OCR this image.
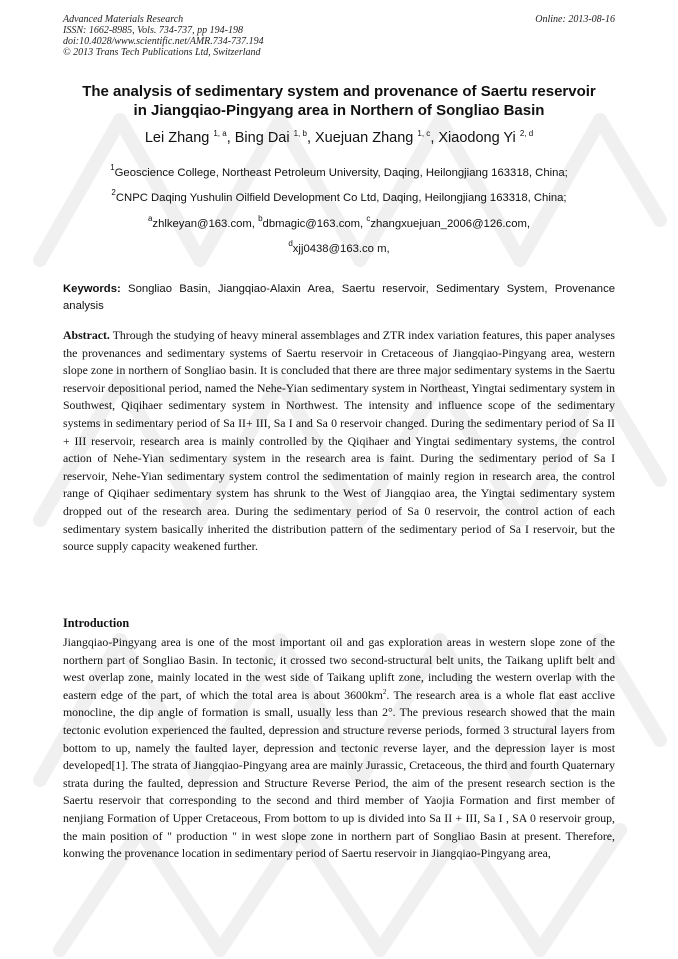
Advanced Materials Research
ISSN: 1662-8985, Vols. 734-737, pp 194-198
doi:10.4028/www.scientific.net/AMR.734-737.194
© 2013 Trans Tech Publications Ltd, Switzerland
Online: 2013-08-16
The analysis of sedimentary system and provenance of Saertu reservoir
in Jiangqiao-Pingyang area in Northern of Songliao Basin
Lei Zhang $^{1, a}$, Bing Dai $^{1, b}$, Xuejuan Zhang $^{1, c}$, Xiaodong Yi $^{2, d}$
$^1$Geoscience College, Northeast Petroleum University, Daqing, Heilongjiang 163318, China;
$^2$CNPC Daqing Yushulin Oilfield Development Co Ltd, Daqing, Heilongjiang 163318, China;
$^a$zhlkeyan@163.com, $^b$dbmagic@163.com, $^c$zhangxuejuan_2006@126.com,
$^d$xjj0438@163.co m,
Keywords: Songliao Basin, Jiangqiao-Alaxin Area, Saertu reservoir, Sedimentary System, Provenance analysis
Abstract. Through the studying of heavy mineral assemblages and ZTR index variation features, this paper analyses the provenances and sedimentary systems of Saertu reservoir in Cretaceous of Jiangqiao-Pingyang area, western slope zone in northern of Songliao basin. It is concluded that there are three major sedimentary systems in the Saertu reservoir depositional period, named the Nehe-Yian sedimentary system in Northeast, Yingtai sedimentary system in Southwest, Qiqihaer sedimentary system in Northwest. The intensity and influence scope of the sedimentary systems in sedimentary period of Sa II+ III, Sa I and Sa 0 reservoir changed. During the sedimentary period of Sa II + III reservoir, research area is mainly controlled by the Qiqihaer and Yingtai sedimentary systems, the control action of Nehe-Yian sedimentary system in the research area is faint. During the sedimentary period of Sa I reservoir, Nehe-Yian sedimentary system control the sedimentation of mainly region in research area, the control range of Qiqihaer sedimentary system has shrunk to the West of Jiangqiao area, the Yingtai sedimentary system dropped out of the research area. During the sedimentary period of Sa 0 reservoir, the control action of each sedimentary system basically inherited the distribution pattern of the sedimentary period of Sa I reservoir, but the source supply capacity weakened further.
Introduction
Jiangqiao-Pingyang area is one of the most important oil and gas exploration areas in western slope zone of the northern part of Songliao Basin. In tectonic, it crossed two second-structural belt units, the Taikang uplift belt and west overlap zone, mainly located in the west side of Taikang uplift zone, including the western overlap with the eastern edge of the part, of which the total area is about $3600km^2$. The research area is a whole flat east acclive monocline, the dip angle of formation is small, usually less than 2°. The previous research showed that the main tectonic evolution experienced the faulted, depression and structure reverse periods, formed 3 structural layers from bottom to up, namely the faulted layer, depression and tectonic reverse layer, and the depression layer is most developed[1]. The strata of Jiangqiao-Pingyang area are mainly Jurassic, Cretaceous, the third and fourth Quaternary strata during the faulted, depression and Structure Reverse Period, the aim of the present research section is the Saertu reservoir that corresponding to the second and third member of Yaojia Formation and first member of nenjiang Formation of Upper Cretaceous, From bottom to up is divided into Sa II + III, Sa I , SA 0 reservoir group, the main position of " production " in west slope zone in northern part of Songliao Basin at present. Therefore, konwing the provenance location in sedimentary period of Saertu reservoir in Jiangqiao-Pingyang area,
